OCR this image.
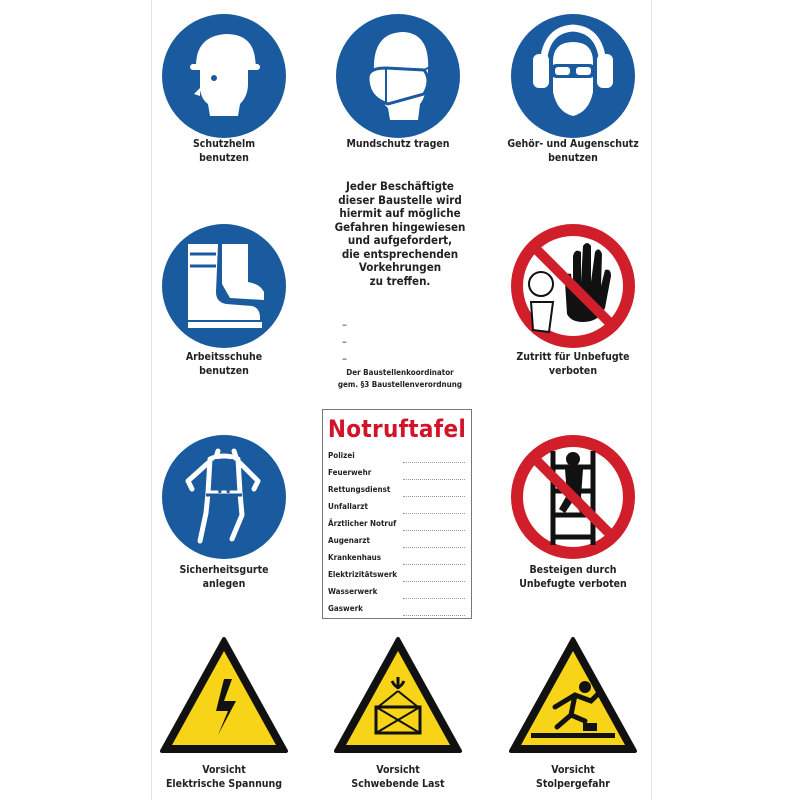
Schutzhelm
benutzen
Mundschutz tragen	Gehör- und Augenschutz
benutzen
Jeder Beschäftigte
dieser Baustelle wird
hiermit auf mögliche
Gefahren hingewiesen
und aufgefordert,
die entsprechenden
Vorkehrungen
zu treffen.
–
–
–
Der Baustellenkoordinator
gem. §3 Baustellenverordnung
Arbeitsschuhe
benutzen
Zutritt für Unbefugte
verboten
Notruftafel
Polizei
Feuerwehr
Rettungsdienst
Unfallarzt
Ärztlicher Notruf
Augenarzt
Krankenhaus
Elektrizitätswerk
Wasserwerk
Gaswerk
Sicherheitsgurte
anlegen
Besteigen durch
Unbefugte verboten
Vorsicht
Elektrische Spannung
Vorsicht
Schwebende Last
Vorsicht
Stolpergefahr
